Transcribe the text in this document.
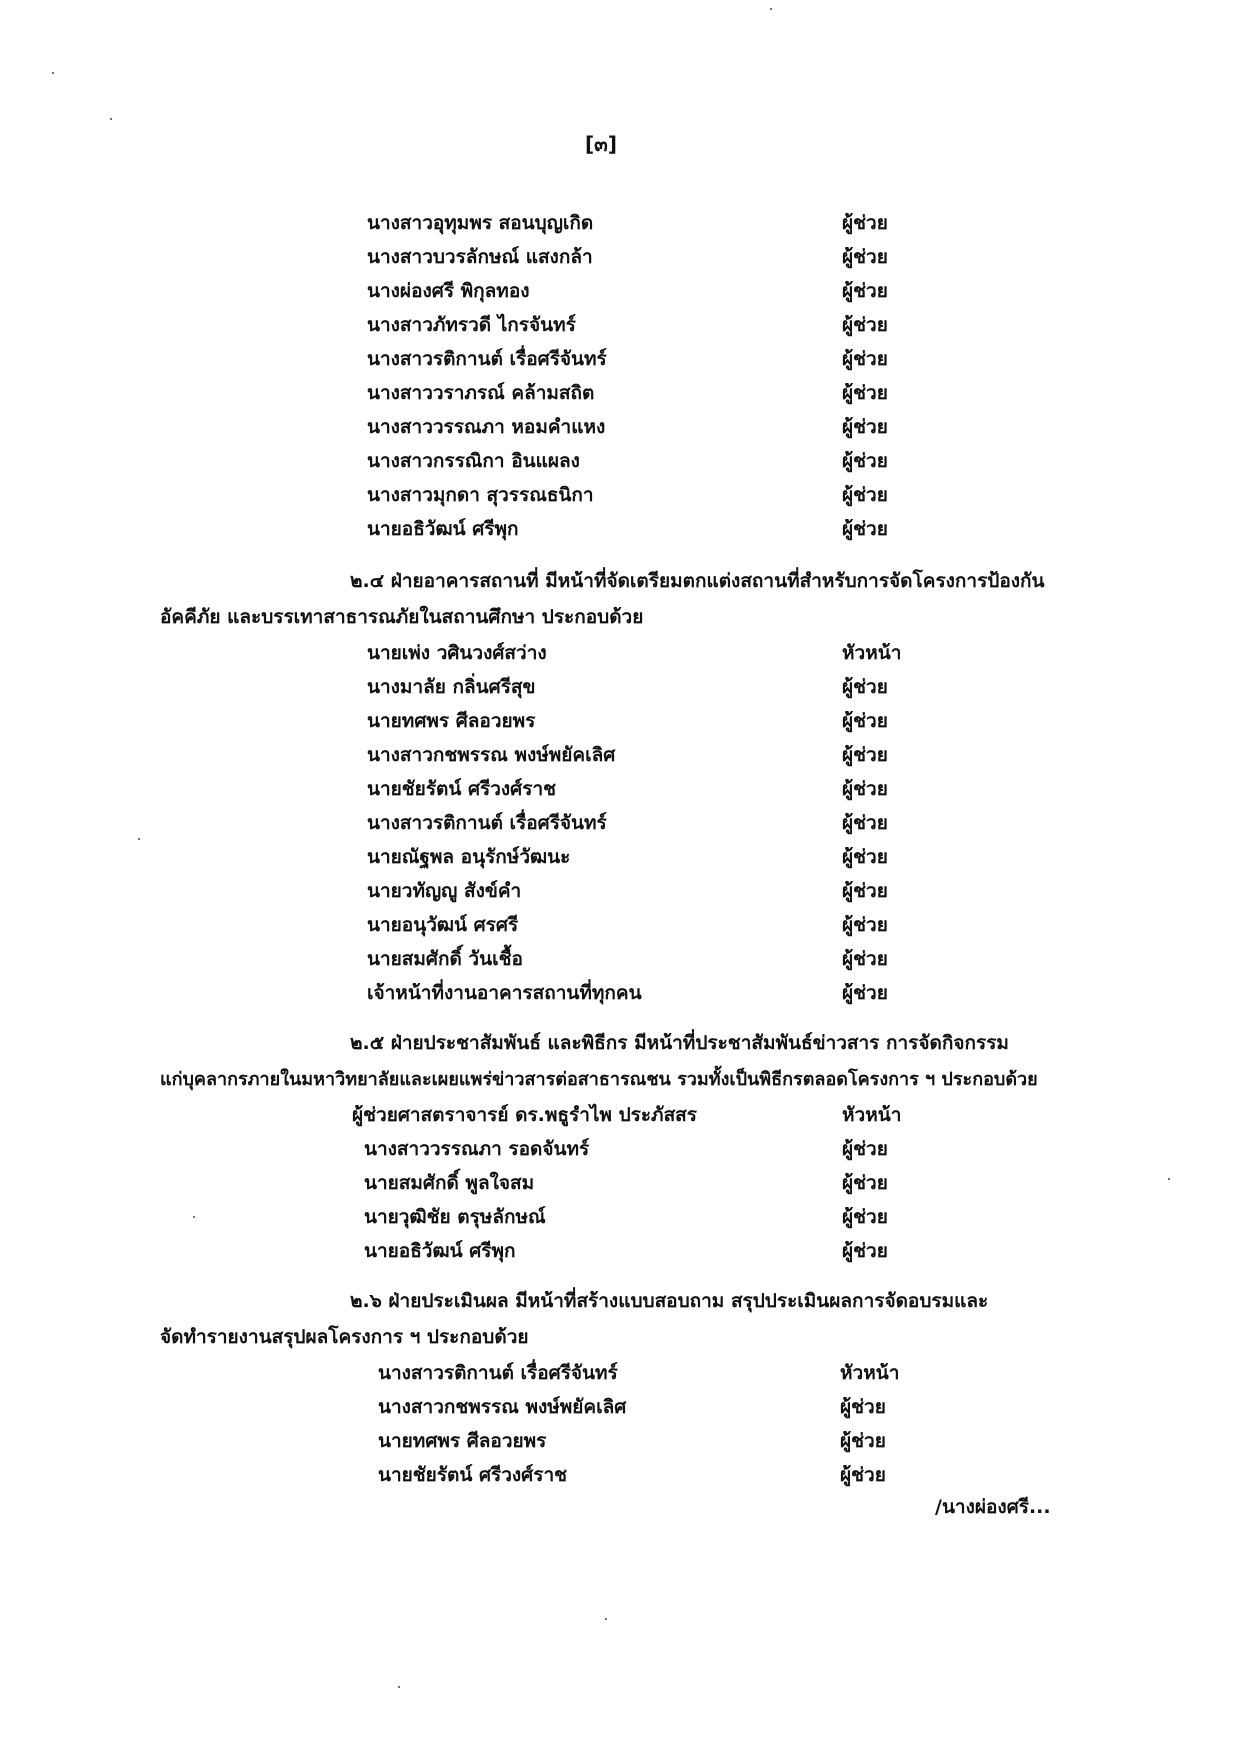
[๓]
นางสาวอุทุมพร สอนบุญเกิด	ผู้ช่วย
นางสาวบวรลักษณ์ แสงกล้า	ผู้ช่วย
นางผ่องศรี พิกุลทอง	ผู้ช่วย
นางสาวภัทรวดี ไกรจันทร์	ผู้ช่วย
นางสาวรติกานต์ เรื่อศรีจันทร์	ผู้ช่วย
นางสาววราภรณ์ คล้ามสถิต	ผู้ช่วย
นางสาววรรณภา หอมคำแหง	ผู้ช่วย
นางสาวกรรณิกา อินแผลง	ผู้ช่วย
นางสาวมุกดา สุวรรณธนิกา	ผู้ช่วย
นายอธิวัฒน์ ศรีพุก	ผู้ช่วย
๒.๔ ฝ่ายอาคารสถานที่ มีหน้าที่จัดเตรียมตกแต่งสถานที่สำหรับการจัดโครงการป้องกัน
อัคคีภัย และบรรเทาสาธารณภัยในสถานศึกษา ประกอบด้วย
นายเพ่ง วศินวงศ์สว่าง	หัวหน้า
นางมาลัย กลิ่นศรีสุข	ผู้ช่วย
นายทศพร ศีลอวยพร	ผู้ช่วย
นางสาวกชพรรณ พงษ์พยัคเลิศ	ผู้ช่วย
นายชัยรัตน์ ศรีวงศ์ราช	ผู้ช่วย
นางสาวรติกานต์ เรื่อศรีจันทร์	ผู้ช่วย
นายณัฐพล อนุรักษ์วัฒนะ	ผู้ช่วย
นายวทัญญู สังข์คำ	ผู้ช่วย
นายอนุวัฒน์ ศรศรี	ผู้ช่วย
นายสมศักดิ์ วันเชื้อ	ผู้ช่วย
เจ้าหน้าที่งานอาคารสถานที่ทุกคน	ผู้ช่วย
๒.๕ ฝ่ายประชาสัมพันธ์ และพิธีกร มีหน้าที่ประชาสัมพันธ์ข่าวสาร การจัดกิจกรรม
แก่บุคลากรภายในมหาวิทยาลัยและเผยแพร่ข่าวสารต่อสาธารณชน รวมทั้งเป็นพิธีกรตลอดโครงการ ฯ ประกอบด้วย
ผู้ช่วยศาสตราจารย์ ดร.พธูรำไพ ประภัสสร	หัวหน้า
นางสาววรรณภา รอดจันทร์	ผู้ช่วย
นายสมศักดิ์ พูลใจสม	ผู้ช่วย
นายวุฒิชัย ตรุษลักษณ์	ผู้ช่วย
นายอธิวัฒน์ ศรีพุก	ผู้ช่วย
๒.๖ ฝ่ายประเมินผล มีหน้าที่สร้างแบบสอบถาม สรุปประเมินผลการจัดอบรมและ
จัดทำรายงานสรุปผลโครงการ ฯ ประกอบด้วย
นางสาวรติกานต์ เรื่อศรีจันทร์	หัวหน้า
นางสาวกชพรรณ พงษ์พยัคเลิศ	ผู้ช่วย
นายทศพร ศีลอวยพร	ผู้ช่วย
นายชัยรัตน์ ศรีวงศ์ราช	ผู้ช่วย
/นางผ่องศรี...
